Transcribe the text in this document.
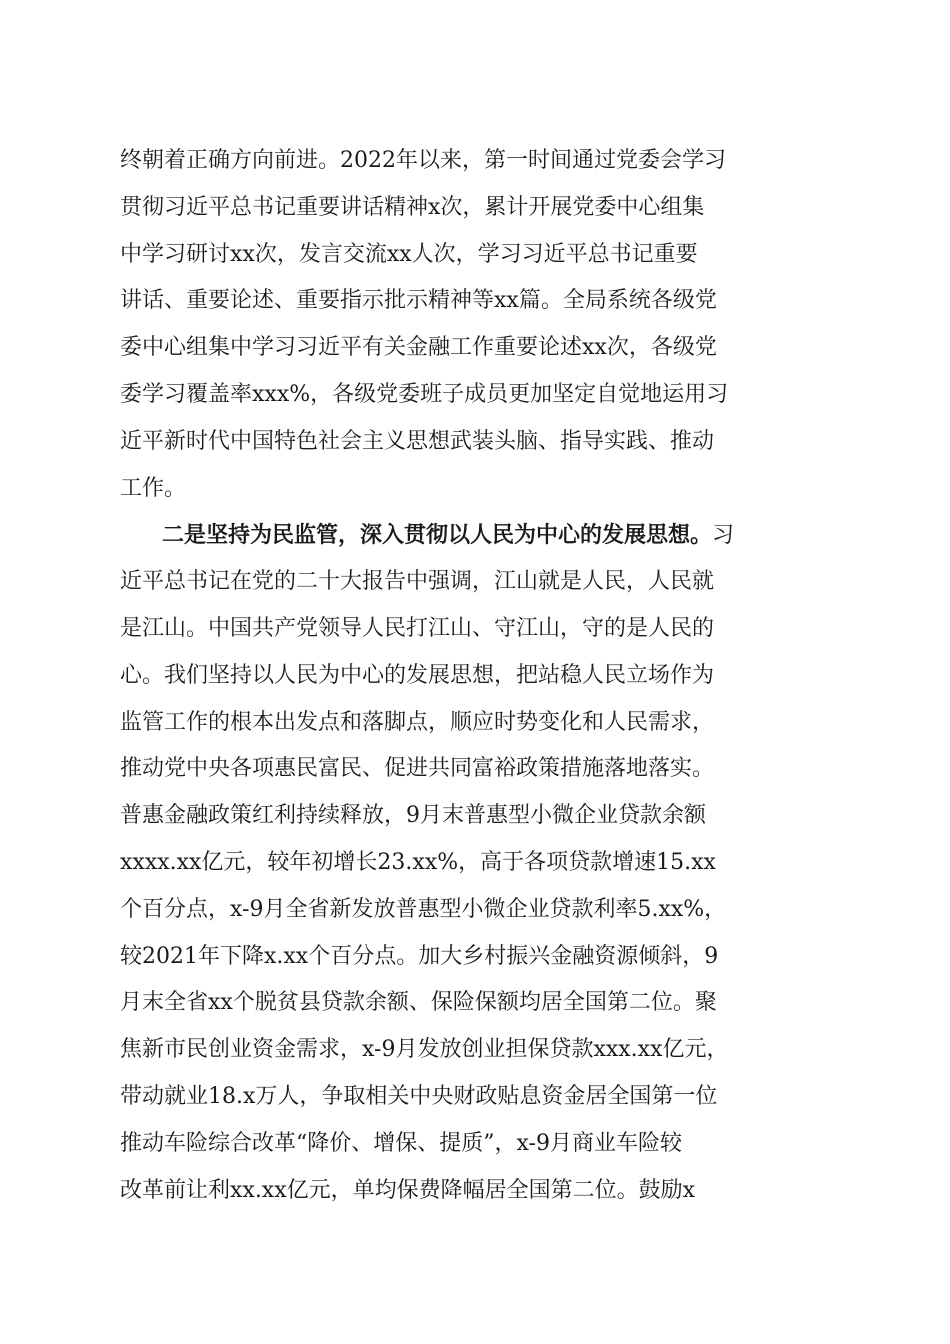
终朝着正确方向前进。2022年以来，第一时间通过党委会学习
贯彻习近平总书记重要讲话精神x次，累计开展党委中心组集
中学习研讨xx次，发言交流xx人次，学习习近平总书记重要
讲话、重要论述、重要指示批示精神等xx篇。全局系统各级党
委中心组集中学习习近平有关金融工作重要论述xx次，各级党
委学习覆盖率xxx%，各级党委班子成员更加坚定自觉地运用习
近平新时代中国特色社会主义思想武装头脑、指导实践、推动
工作。
二是坚持为民监管，深入贯彻以人民为中心的发展思想。习
近平总书记在党的二十大报告中强调，江山就是人民，人民就
是江山。中国共产党领导人民打江山、守江山，守的是人民的
心。我们坚持以人民为中心的发展思想，把站稳人民立场作为
监管工作的根本出发点和落脚点，顺应时势变化和人民需求，
推动党中央各项惠民富民、促进共同富裕政策措施落地落实。
普惠金融政策红利持续释放，9月末普惠型小微企业贷款余额
xxxx.xx亿元，较年初增长23.xx%，高于各项贷款增速15.xx
个百分点，x-9月全省新发放普惠型小微企业贷款利率5.xx%，
较2021年下降x.xx个百分点。加大乡村振兴金融资源倾斜，9
月末全省xx个脱贫县贷款余额、保险保额均居全国第二位。聚
焦新市民创业资金需求，x-9月发放创业担保贷款xxx.xx亿元，
带动就业18.x万人，争取相关中央财政贴息资金居全国第一位
推动车险综合改革“降价、增保、提质”，x-9月商业车险较
改革前让利xx.xx亿元，单均保费降幅居全国第二位。鼓励x
